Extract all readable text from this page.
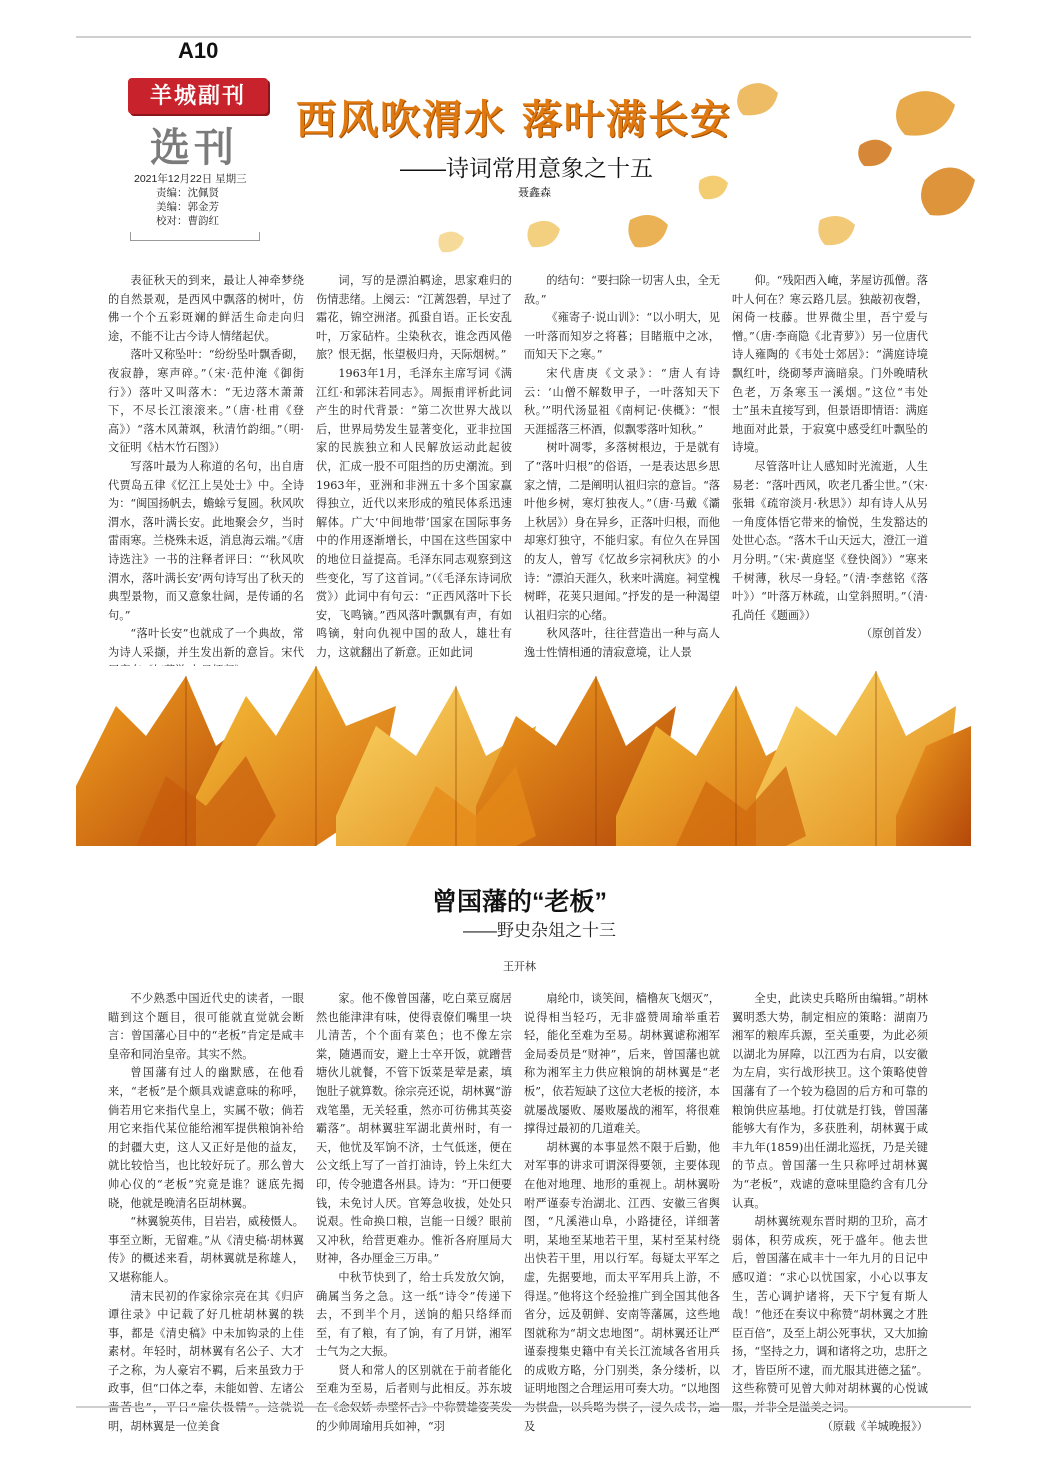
A10
羊城副刊
选刊
2021年12月22日 星期三
责编：沈佩贤
美编：郭金芳
校对：曹韵红
西风吹渭水 落叶满长安
——诗词常用意象之十五
聂鑫森

表征秋天的到来，最让人神牵梦绕的自然景观，是西风中飘落的树叶，仿佛一个个五彩斑斓的鲜活生命走向归途，不能不让古今诗人情绪起伏。

落叶又称坠叶：“纷纷坠叶飘香砌，夜寂静，寒声碎。”（宋·范仲淹《御街行》）落叶又叫落木：“无边落木萧萧下，不尽长江滚滚来。”（唐·杜甫《登高》）“落木风萧飒，秋清竹韵细。”（明·文征明《枯木竹石图》）

写落叶最为人称道的名句，出自唐代贾岛五律《忆江上吴处士》中。全诗为：“闽国扬帆去，蟾蜍亏复圆。秋风吹渭水，落叶满长安。此地聚会夕，当时雷雨寒。兰桡殊未返，消息海云端。”《唐诗选注》一书的注释者评曰：“‘秋风吹渭水，落叶满长安’两句诗写出了秋天的典型景物，而又意象壮阔，是传诵的名句。”

“落叶长安”也就成了一个典故，常为诗人采撷，并生发出新的意旨。宋代

词，写的是漂泊羁途，思家难归的伤情悲绪。上阕云：“江蓠怨碧，早过了霜花，锦空洲渚。孤蛩自语。正长安乱叶，万家砧杵。尘染秋衣，谁念西风倦旅？恨无据，怅望极归舟，天际烟树。”

1963年1月，毛泽东主席写词《满江红·和郭沫若同志》。周振甫评析此词产生的时代背景：“第二次世界大战以后，世界局势发生显著变化，亚非拉国家的民族独立和人民解放运动此起彼伏，汇成一股不可阻挡的历史潮流。到1963年，亚洲和非洲五十多个国家赢得独立，近代以来形成的殖民体系迅速解体。广大‘中间地带’国家在国际事务中的作用逐渐增长，中国在这些国家中的地位日益提高。毛泽东同志观察到这些变化，写了这首词。”（《毛泽东诗词欣赏》）此词中有句云：“正西风落叶下长安，飞鸣镝。”西风落叶飘飘有声，有如鸣镝，射向仇视中国的敌人，雄壮有力，这就翻出了新意。正如此词

的结句：“要扫除一切害人虫，全无敌。”

《雍寄子·说山训》：“以小明大，见一叶落而知岁之将暮；目睹瓶中之冰，而知天下之寒。”

宋代唐庚《文录》：“唐人有诗云：‘山僧不解数甲子，一叶落知天下秋。’”明代汤显祖《南柯记·侠概》：“恨天涯摇落三杯酒，似飘零落叶知秋。”

树叶凋零，多落树根边，于是就有了“落叶归根”的俗语，一是表达思乡思家之情，二是阐明认祖归宗的意旨。“落叶他乡树，寒灯独夜人。”（唐·马戴《灞上秋居》）身在异乡，正落叶归根，而他却寒灯独守，不能归家。有位久在异国的友人，曾写《忆故乡宗祠秋庆》的小诗：“漂泊天涯久，秋来叶满庭。祠堂槐树畔，花荚只迴闻。”抒发的是一种渴望认祖归宗的心绪。

秋风落叶，往往营造出一种与高人逸士性情相通的清寂意境，让人景

仰。“残阳西入崦，茅屋访孤僧。落叶人何在？寒云路几层。独敲初夜磬，闲倚一枝藤。世界微尘里，吾宁爱与憎。”（唐·李商隐《北青萝》）另一位唐代诗人雍陶的《韦处士郊居》：“满庭诗境飘红叶，绕砌琴声滴暗泉。门外晚晴秋色老，万条寒玉一溪烟。”这位“韦处士”虽未直接写到，但景语即情语：满庭地面对此景，于寂寞中感受红叶飘坠的诗境。

尽管落叶让人感知时光流逝，人生易老：“落叶西风，吹老几番尘世。”（宋·张辑《疏帘淡月·秋思》）却有诗人从另一角度体悟它带来的愉悦，生发豁达的处世心态。“落木千山天远大，澄江一道月分明。”（宋·黄庭坚《登快阁》）“寒来千树薄，秋尽一身轻。”（清·李慈铭《落叶》）“叶落万林疏，山堂斜照明。”（清·孔尚任《题画》）

（原创首发）

曾国藩的“老板”
——野史杂俎之十三
王开林

不少熟悉中国近代史的读者，一眼瞄到这个题目，很可能就直觉就会断言：曾国藩心目中的“老板”肯定是咸丰皇帝和同治皇帝。其实不然。

曾国藩有过人的幽默感，在他看来，“老板”是个颇具戏谑意味的称呼，倘若用它来指代皇上，实属不敬；倘若用它来指代某位能给湘军提供粮饷补给的封疆大吏，这人又正好是他的益友，就比较恰当，也比较好玩了。那么曾大帅心仪的“老板”究竟是谁？谜底先揭晓，他就是晚清名臣胡林翼。

“林翼貌英伟，目岩岩，威稜慑人。事至立断，无留难。”从《清史稿·胡林翼传》的概述来看，胡林翼就是称雄人，又堪称能人。

清末民初的作家徐宗亮在其《归庐谭往录》中记载了好几桩胡林翼的轶事，都是《清史稿》中未加钩录的上佳素材。年轻时，胡林翼有名公子、大才子之称，为人豪宕不羁，后来虽致力于政事，但“口体之奉，未能如曾、左诸公 明，胡林翼是一位美食

家。他不像曾国藩，吃白菜豆腐居然也能津津有味，使得袁僚们嘴里一块儿清苦，个个面有菜色；也不像左宗棠，随遇而安，避上士卒开饭，就蹭营塘伙儿就餐，不管下饭菜是荤是素，填饱肚子就算数。徐宗亮还说，胡林翼“游戏笔墨，无关轻重，然亦可彷佛其英姿霸落”。胡林翼驻军湖北黄州时，有一天，他忧及军饷不济，士气低迷，便在公文纸上写了一首打油诗，钤上朱红大印，传令驰遣各州县。诗为：“开口便要钱，未免讨人厌。官筹急收拔，处处只说艰。性命换口粮，岂能一日缓？眼前又冲秋，给营更难办。惟祈各府厘局大财神，各办厘金三万串。”

中秋节快到了，给士兵发放欠饷，确属当务之急。这一纸“诗令”传递下去，不到半个月，送饷的船只络绎而至，有了粮，有了饷，有了月饼，湘军士气为之大振。

贤人和常人的区别就在于前者能化至难为至易，后者则与此相反。苏东坡 的少帅周瑜用兵如神，“羽

扇纶巾，谈笑间，樯橹灰飞烟灭”，说得相当轻巧，无非盛赞周瑜举重若轻，能化至难为至易。胡林翼谑称湘军金局委员是“财神”，后来，曾国藩也就称为湘军主力供应粮饷的胡林翼是“老板”，依若短缺了这位大老板的接济，本就屡战屡败、屡败屡战的湘军，将很难撑得过最初的几道难关。

胡林翼的本事显然不限于后勤，他对军事的讲求可谓深得要领，主要体现在他对地理、地形的重视上。胡林翼吩咐严谨泰专治湖北、江西、安徽三省舆图，“凡溪港山阜，小路捷径，详细著明，某地至某地若干里，某村至某村绕出快若干里，用以行军。每疑太平军之虚，先据要地，而太平军用兵上游，不得逞。”他将这个经验推广到全国其他各省分，远及朝鲜、安南等藩属，这些地图就称为“胡文忠地图”。胡林翼还让严谨泰搜集史籍中有关长江流域各省用兵的成败方略，分门别类，条分缕析，以证明地图之合理运用可奏大功。“以地图 及

全史，此读史兵略所由编辑。”胡林翼明悉大势，制定相应的策略：湖南乃湘军的粮库兵源，至关重要，为此必须以湖北为屏障，以江西为右肩，以安徽为左肩，实行战形挟卫。这个策略使曾国藩有了一个较为稳固的后方和可靠的粮饷供应基地。打仗就是打钱，曾国藩能够大有作为，多获胜利，胡林翼于咸丰九年(1859)出任湖北巡抚，乃是关键的节点。曾国藩一生只称呼过胡林翼为“老板”，戏谑的意味里隐约含有几分认真。

胡林翼统观东晋时期的卫玠，高才弱体，积劳成疾，死于盛年。他去世后，曾国藩在咸丰十一年九月的日记中感叹道：“求心以忧国家，小心以事友生，苦心调护诸将，天下宁复有斯人哉！”他还在奏议中称赞“胡林翼之才胜臣百倍”，及至上胡公死事状，又大加揄扬，“坚持之力，调和诸将之功，忠肝之才，皆臣所不逮，而尤服其进德之猛”。这些称赞可见曾大帅对胡林翼的心悦诚

（原载《羊城晚报》）
